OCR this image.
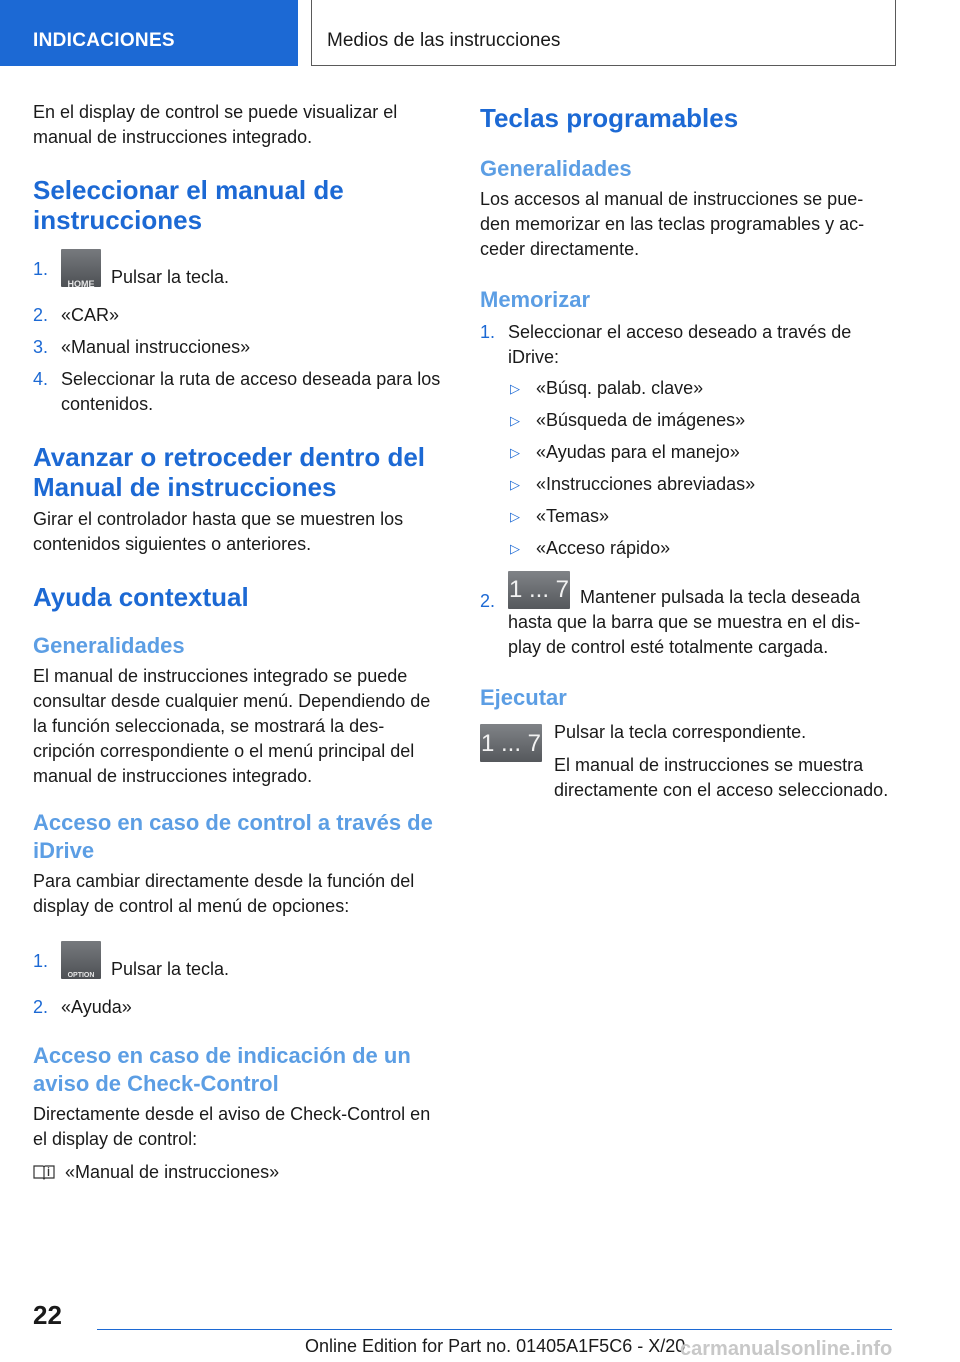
INDICACIONES	Medios de las instrucciones

En el display de control se puede visualizar el manual de instrucciones integrado.

Seleccionar el manual de instrucciones
1.
HOME Pulsar la tecla.
2. «CAR»
3. «Manual instrucciones»
4. Seleccionar la ruta de acceso deseada para los contenidos.
Avanzar o retroceder dentro del Manual de instrucciones

Girar el controlador hasta que se muestren los contenidos siguientes o anteriores.

Ayuda contextual
Generalidades

El manual de instrucciones integrado se puede consultar desde cualquier menú. Dependiendo de la función seleccionada, se mostrará la des‐cripción correspondiente o el menú principal del manual de instrucciones integrado.

Acceso en caso de control a través de iDrive

Para cambiar directamente desde la función del display de control al menú de opciones:

1.
OPTION Pulsar la tecla.
2. «Ayuda»
Acceso en caso de indicación de un aviso de Check-Control

Directamente desde el aviso de Check-Control en el display de control:

«Manual de instrucciones»

Teclas programables
Generalidades

Los accesos al manual de instrucciones se pue‐den memorizar en las teclas programables y ac‐ceder directamente.

Memorizar
1. Seleccionar el acceso deseado a través de iDrive:
▷ «Búsq. palab. clave»
▷ «Búsqueda de imágenes»
▷ «Ayudas para el manejo»
▷ «Instrucciones abreviadas»
▷ «Temas»
▷ «Acceso rápido»
2. 1 ... 7 Mantener pulsada la tecla deseada hasta que la barra que se muestra en el dis‐play de control esté totalmente cargada.
Ejecutar
1 ... 7 Pulsar la tecla correspondiente.

El manual de instrucciones se muestra directamente con el acceso seleccionado.

22
Online Edition for Part no. 01405A1F5C6 - X/20
carmanualsonline.info
